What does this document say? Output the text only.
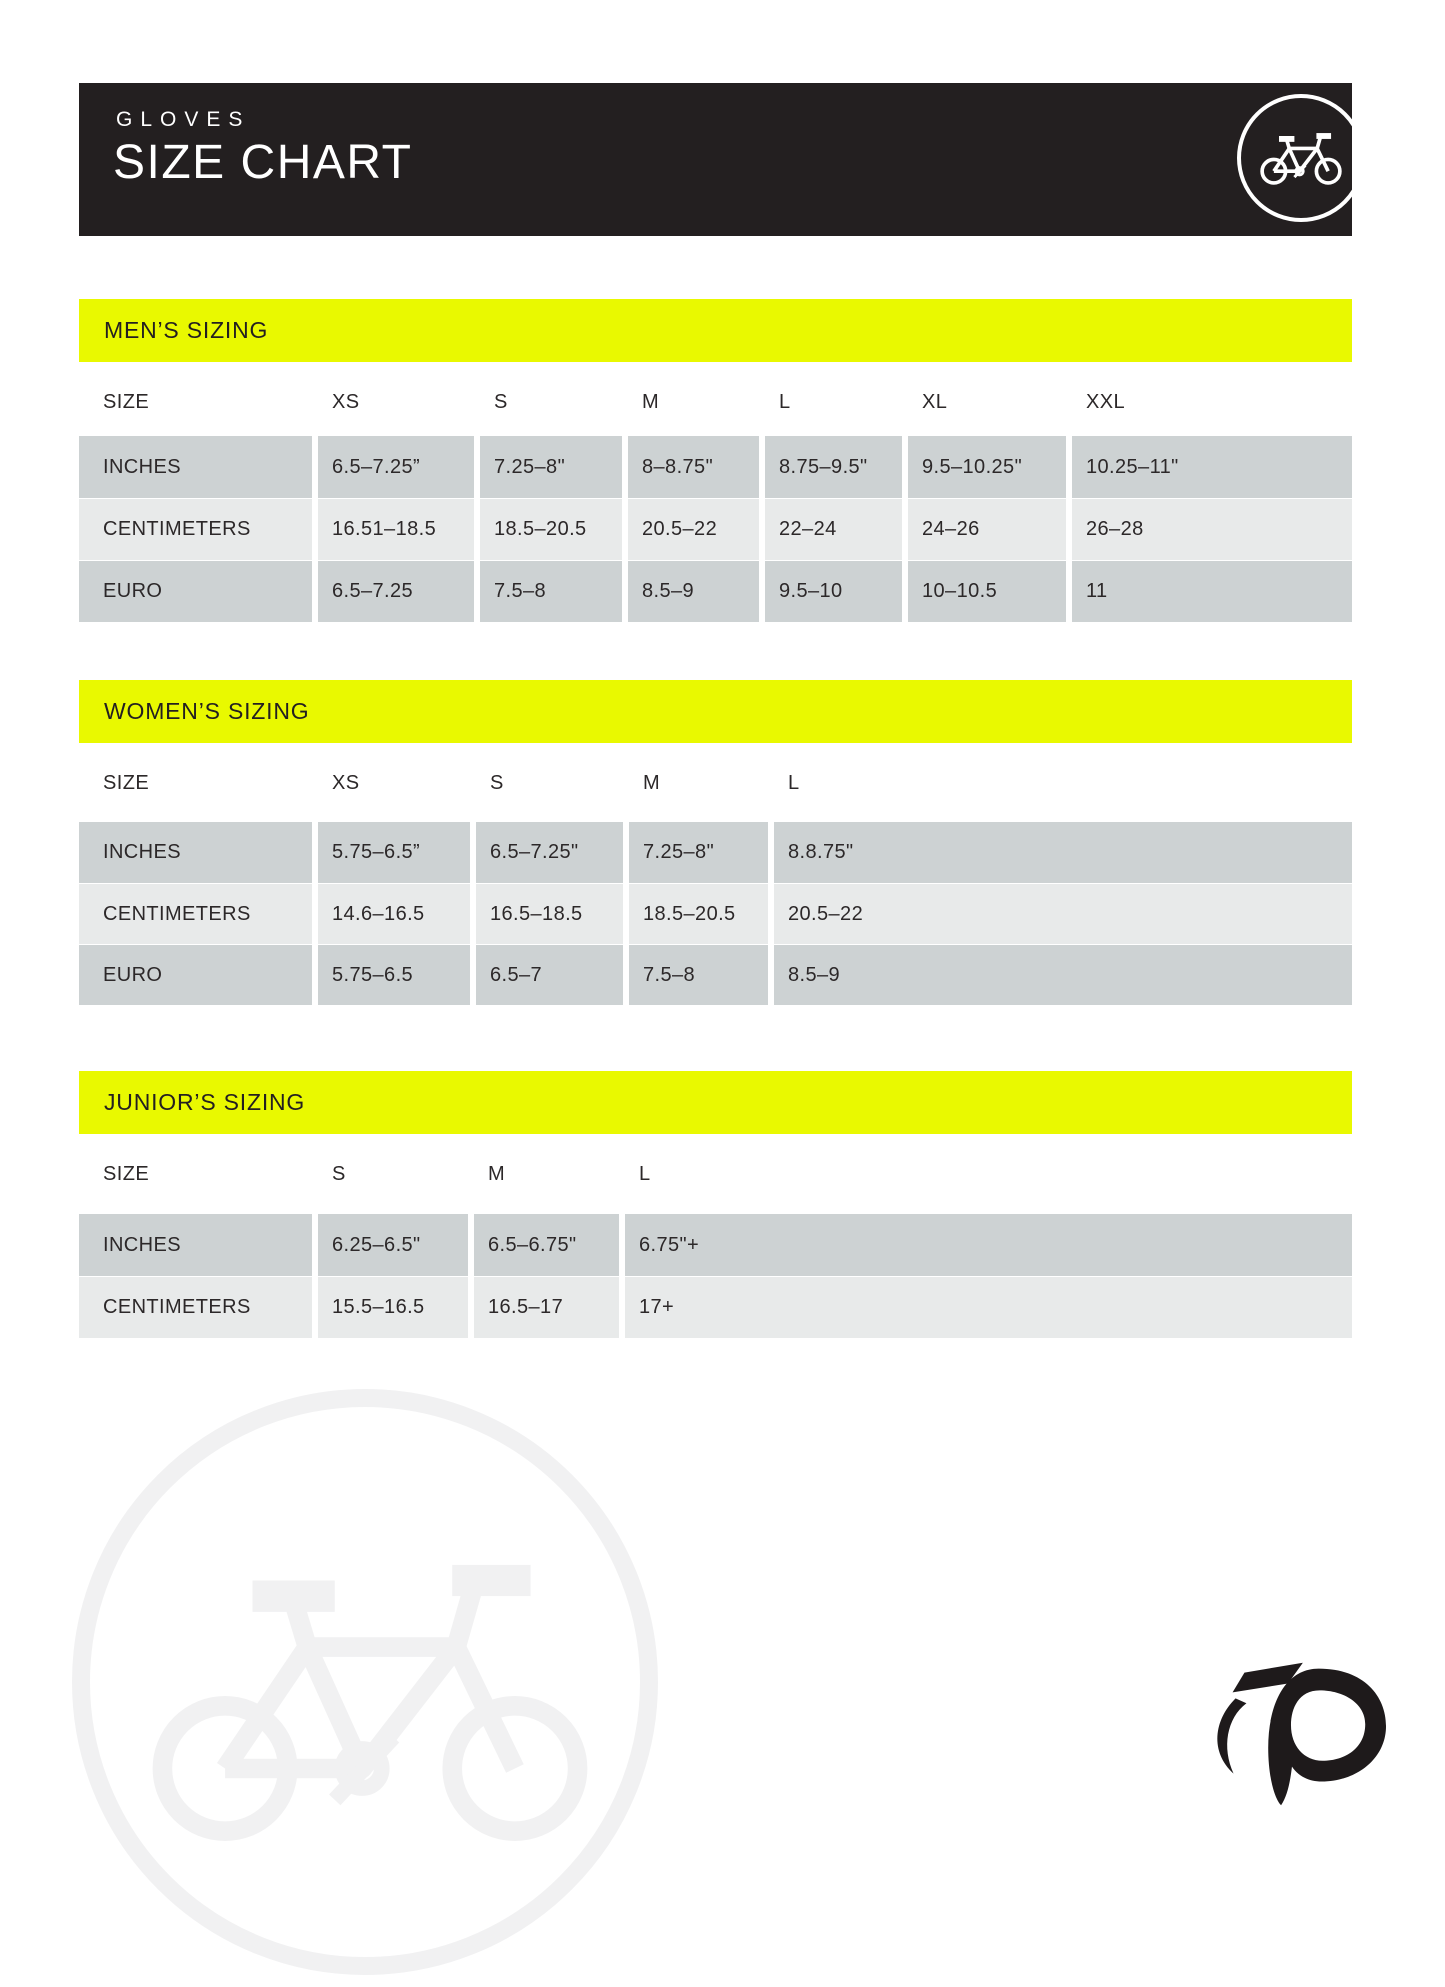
GLOVES
SIZE CHART
MEN’S SIZING
SIZE	XS	S	M	L	XL	XXL
INCHES	6.5–7.25”	7.25–8"	8–8.75"	8.75–9.5"	9.5–10.25"	10.25–11"
CENTIMETERS	16.51–18.5	18.5–20.5	20.5–22	22–24	24–26	26–28
EURO	6.5–7.25	7.5–8	8.5–9	9.5–10	10–10.5	11
WOMEN’S SIZING
SIZE	XS	S	M	L
INCHES	5.75–6.5”	6.5–7.25"	7.25–8"	8.8.75"
CENTIMETERS	14.6–16.5	16.5–18.5	18.5–20.5	20.5–22
EURO	5.75–6.5	6.5–7	7.5–8	8.5–9
JUNIOR’S SIZING
SIZE	S	M	L
INCHES	6.25–6.5"	6.5–6.75"	6.75"+
CENTIMETERS	15.5–16.5	16.5–17	17+
